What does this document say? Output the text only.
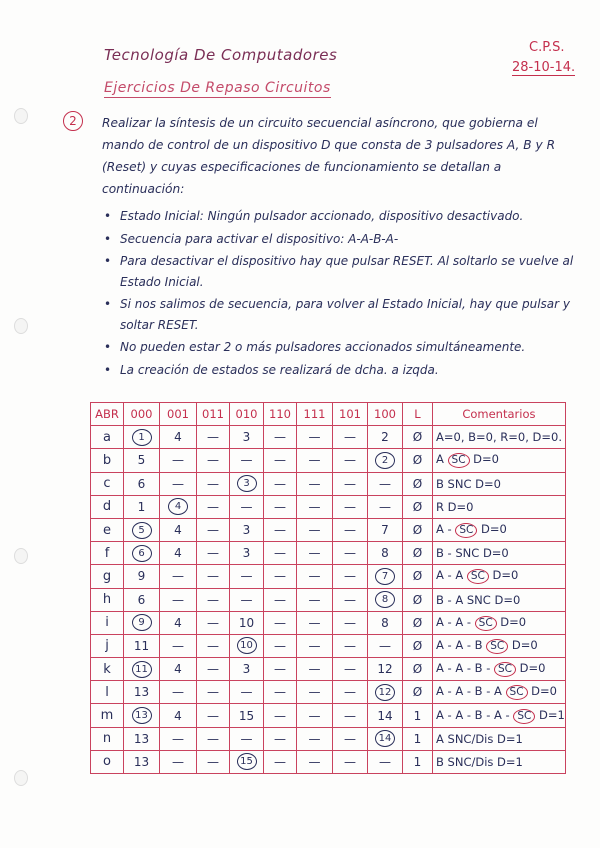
Tecnología De Computadores
Ejercicios De Repaso Circuitos
C.P.S.
28-10-14.
2	Realizar la síntesis de un circuito secuencial asíncrono, que gobierna el mando de control de un dispositivo D que consta de 3 pulsadores A, B y R (Reset) y cuyas especificaciones de funcionamiento se detallan a continuación:
• Estado Inicial: Ningún pulsador accionado, dispositivo desactivado.
• Secuencia para activar el dispositivo: A-A-B-A-
• Para desactivar el dispositivo hay que pulsar RESET. Al soltarlo se vuelve al Estado Inicial.
• Si nos salimos de secuencia, para volver al Estado Inicial, hay que pulsar y soltar RESET.
• No pueden estar 2 o más pulsadores accionados simultáneamente.
• La creación de estados se realizará de dcha. a izqda.
ABR	000	001	011	010	110	111	101	100	L	Comentarios
a	1	4	—	3	—	—	—	2	Ø	A=0, B=0, R=0, D=0.
b	5	—	—	—	—	—	—	2	Ø	A SC D=0
c	6	—	—	3	—	—	—	—	Ø	B SNC D=0
d	1	4	—	—	—	—	—	—	Ø	R D=0
e	5	4	—	3	—	—	—	7	Ø	A - SC D=0
f	6	4	—	3	—	—	—	8	Ø	B - SNC D=0
g	9	—	—	—	—	—	—	7	Ø	A - A SC D=0
h	6	—	—	—	—	—	—	8	Ø	B - A SNC D=0
i	9	4	—	10	—	—	—	8	Ø	A - A - SC D=0
j	11	—	—	10	—	—	—	—	Ø	A - A - B SC D=0
k	11	4	—	3	—	—	—	12	Ø	A - A - B - SC D=0
l	13	—	—	—	—	—	—	12	Ø	A - A - B - A SC D=0
m	13	4	—	15	—	—	—	14	1	A - A - B - A - SC D=1
n	13	—	—	—	—	—	—	14	1	A SNC/Dis D=1
o	13	—	—	15	—	—	—	—	1	B SNC/Dis D=1
